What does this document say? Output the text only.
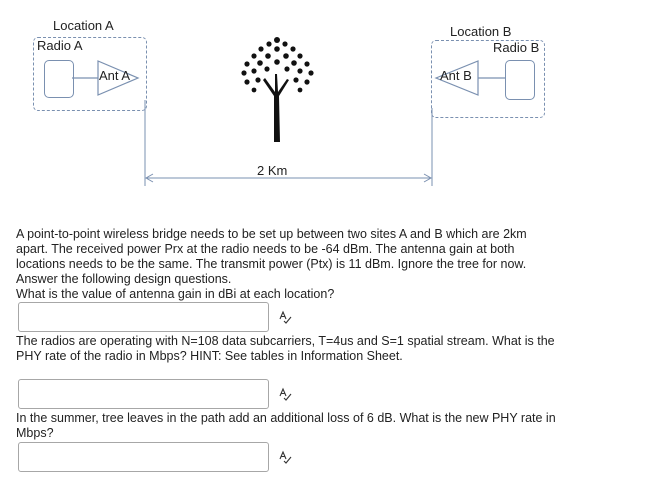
Location A
Radio A
Ant A
Location B
Radio B
Ant B
2 Km

A point-to-point wireless bridge needs to be set up between two sites A and B which are 2km apart. The received power Prx at the radio needs to be -64 dBm. The antenna gain at both locations needs to be the same. The transmit power (Ptx) is 11 dBm. Ignore the tree for now. Answer the following design questions.

What is the value of antenna gain in dBi at each location?

The radios are operating with N=108 data subcarriers, T=4us and S=1 spatial stream. What is the PHY rate of the radio in Mbps? HINT: See tables in Information Sheet.

In the summer, tree leaves in the path add an additional loss of 6 dB. What is the new PHY rate in Mbps?
